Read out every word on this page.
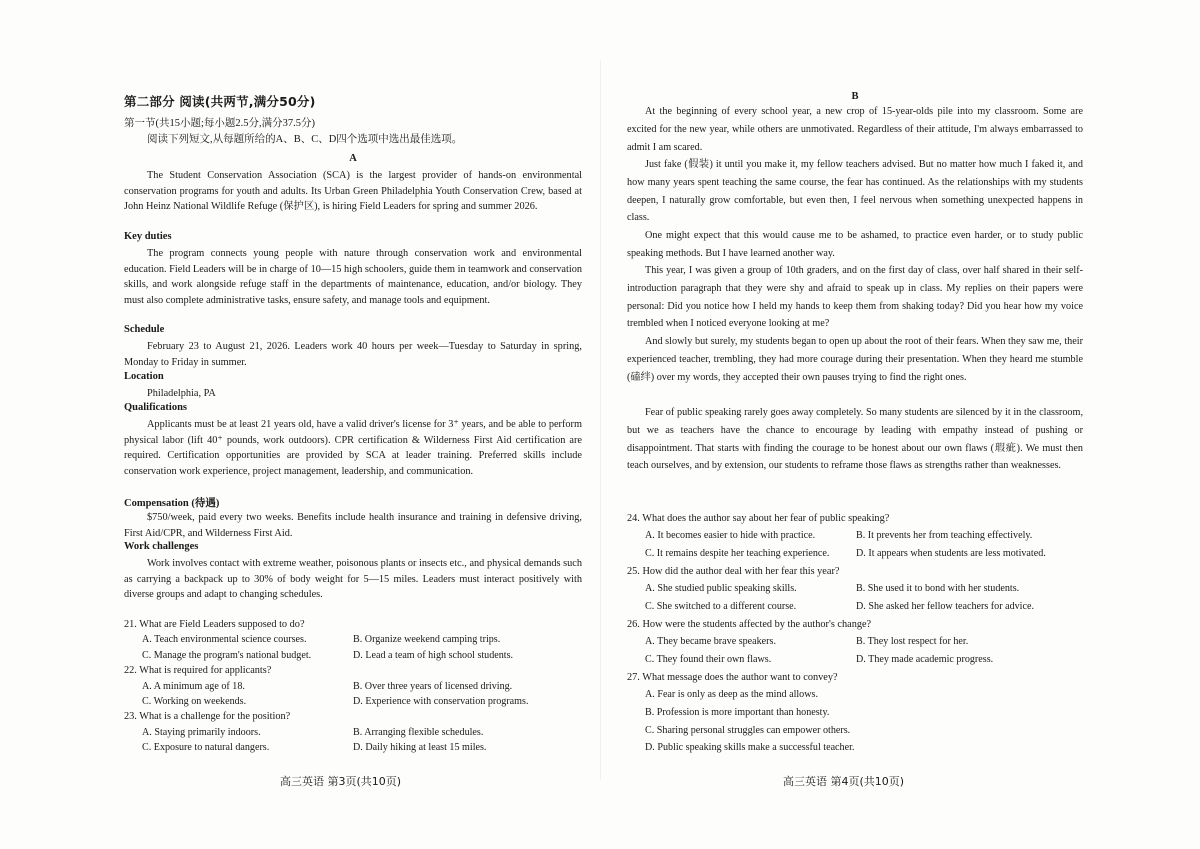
第二部分 阅读(共两节,满分50分)
第一节(共15小题;每小题2.5分,满分37.5分)
阅读下列短文,从每题所给的A、B、C、D四个选项中选出最佳选项。
A
The Student Conservation Association (SCA) is the largest provider of hands-on environmental conservation programs for youth and adults. Its Urban Green Philadelphia Youth Conservation Crew, based at John Heinz National Wildlife Refuge (保护区), is hiring Field Leaders for spring and summer 2026.
Key duties
The program connects young people with nature through conservation work and environmental education. Field Leaders will be in charge of 10—15 high schoolers, guide them in teamwork and conservation skills, and work alongside refuge staff in the departments of maintenance, education, and/or biology. They must also complete administrative tasks, ensure safety, and manage tools and equipment.
Schedule
February 23 to August 21, 2026. Leaders work 40 hours per week—Tuesday to Saturday in spring, Monday to Friday in summer.
Location
Philadelphia, PA
Qualifications
Applicants must be at least 21 years old, have a valid driver's license for 3⁺ years, and be able to perform physical labor (lift 40⁺ pounds, work outdoors). CPR certification & Wilderness First Aid certification are required. Certification opportunities are provided by SCA at leader training. Preferred skills include conservation work experience, project management, leadership, and communication.
Compensation (待遇)
$750/week, paid every two weeks. Benefits include health insurance and training in defensive driving, First Aid/CPR, and Wilderness First Aid.
Work challenges
Work involves contact with extreme weather, poisonous plants or insects etc., and physical demands such as carrying a backpack up to 30% of body weight for 5—15 miles. Leaders must interact positively with diverse groups and adapt to changing schedules.
21. What are Field Leaders supposed to do?
A. Teach environmental science courses.	B. Organize weekend camping trips.
C. Manage the program's national budget.	D. Lead a team of high school students.
22. What is required for applicants?
A. A minimum age of 18.	B. Over three years of licensed driving.
C. Working on weekends.	D. Experience with conservation programs.
23. What is a challenge for the position?
A. Staying primarily indoors.	B. Arranging flexible schedules.
C. Exposure to natural dangers.	D. Daily hiking at least 15 miles.
高三英语 第3页(共10页)
B
At the beginning of every school year, a new crop of 15-year-olds pile into my classroom. Some are excited for the new year, while others are unmotivated. Regardless of their attitude, I'm always embarrassed to admit I am scared.
Just fake (假装) it until you make it, my fellow teachers advised. But no matter how much I faked it, and how many years spent teaching the same course, the fear has continued. As the relationships with my students deepen, I naturally grow comfortable, but even then, I feel nervous when something unexpected happens in class.
One might expect that this would cause me to be ashamed, to practice even harder, or to study public speaking methods. But I have learned another way.
This year, I was given a group of 10th graders, and on the first day of class, over half shared in their self-introduction paragraph that they were shy and afraid to speak up in class. My replies on their papers were personal: Did you notice how I held my hands to keep them from shaking today? Did you hear how my voice trembled when I noticed everyone looking at me?
And slowly but surely, my students began to open up about the root of their fears. When they saw me, their experienced teacher, trembling, they had more courage during their presentation. When they heard me stumble (磕绊) over my words, they accepted their own pauses trying to find the right ones.
Fear of public speaking rarely goes away completely. So many students are silenced by it in the classroom, but we as teachers have the chance to encourage by leading with empathy instead of pushing or disappointment. That starts with finding the courage to be honest about our own flaws (瑕疵). We must then teach ourselves, and by extension, our students to reframe those flaws as strengths rather than weaknesses.
24. What does the author say about her fear of public speaking?
A. It becomes easier to hide with practice.	B. It prevents her from teaching effectively.
C. It remains despite her teaching experience.	D. It appears when students are less motivated.
25. How did the author deal with her fear this year?
A. She studied public speaking skills.	B. She used it to bond with her students.
C. She switched to a different course.	D. She asked her fellow teachers for advice.
26. How were the students affected by the author's change?
A. They became brave speakers.	B. They lost respect for her.
C. They found their own flaws.	D. They made academic progress.
27. What message does the author want to convey?
A. Fear is only as deep as the mind allows.
B. Profession is more important than honesty.
C. Sharing personal struggles can empower others.
D. Public speaking skills make a successful teacher.
高三英语 第4页(共10页)
